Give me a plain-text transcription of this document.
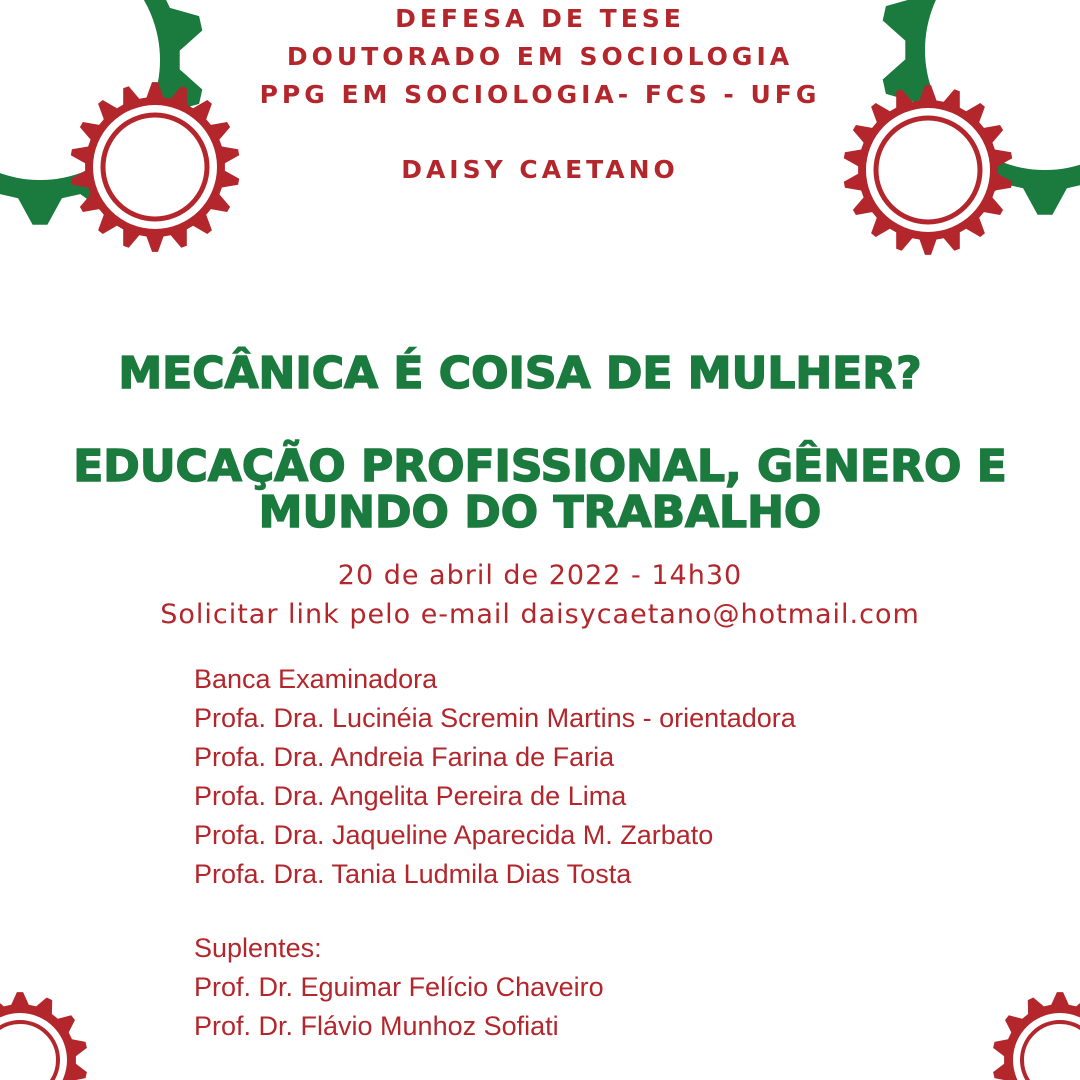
DEFESA DE TESE
DOUTORADO EM SOCIOLOGIA
PPG EM SOCIOLOGIA- FCS - UFG
DAISY CAETANO
MECÂNICA É COISA DE MULHER?
EDUCAÇÃO PROFISSIONAL, GÊNERO E
MUNDO DO TRABALHO
20 de abril de 2022 - 14h30
Solicitar link pelo e-mail daisycaetano@hotmail.com
Banca Examinadora
Profa. Dra. Lucinéia Scremin Martins - orientadora
Profa. Dra. Andreia Farina de Faria
Profa. Dra. Angelita Pereira de Lima
Profa. Dra. Jaqueline Aparecida M. Zarbato
Profa. Dra. Tania Ludmila Dias Tosta
Suplentes:
Prof. Dr. Eguimar Felício Chaveiro
Prof. Dr. Flávio Munhoz Sofiati
